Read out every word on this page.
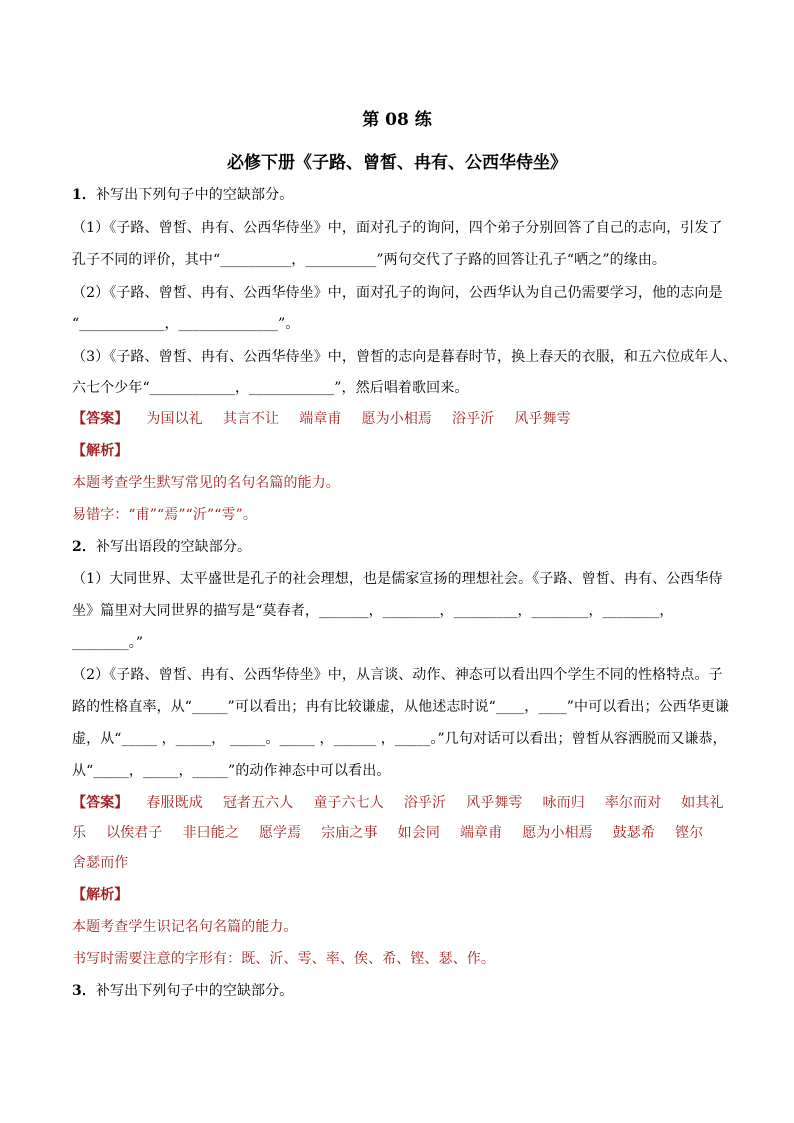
第 08 练
必修下册《子路、曾皙、冉有、公西华侍坐》
1．补写出下列句子中的空缺部分。
（1）《子路、曾皙、冉有、公西华侍坐》中，面对孔子的询问，四个弟子分别回答了自己的志向，引发了
孔子不同的评价，其中“__________，__________”两句交代了子路的回答让孔子“哂之”的缘由。
（2）《子路、曾皙、冉有、公西华侍坐》中，面对孔子的询问，公西华认为自己仍需要学习，他的志向是
“____________，______________”。
（3）《子路、曾皙、冉有、公西华侍坐》中，曾皙的志向是暮春时节，换上春天的衣服，和五六位成年人、
六七个少年“____________，____________”，然后唱着歌回来。
【答案】 为国以礼 其言不让 端章甫 愿为小相焉 浴乎沂 风乎舞雩
【解析】
本题考查学生默写常见的名句名篇的能力。
易错字：“甫”“焉”“沂”“雩”。
2．补写出语段的空缺部分。
（1）大同世界、太平盛世是孔子的社会理想，也是儒家宣扬的理想社会。《子路、曾皙、冉有、公西华侍
坐》篇里对大同世界的描写是“莫春者，_______，________，_________，________，________，
________。”
（2）《子路、曾皙、冉有、公西华侍坐》中，从言谈、动作、神态可以看出四个学生不同的性格特点。子
路的性格直率，从“_____”可以看出；冉有比较谦虚，从他述志时说“____，____”中可以看出；公西华更谦
虚，从“_____ ，_____， _____。_____ ，______ ，_____。”几句对话可以看出；曾皙从容洒脱而又谦恭，
从“_____，_____，_____”的动作神态中可以看出。
【答案】 春服既成 冠者五六人 童子六七人 浴乎沂 风乎舞雩 咏而归 率尔而对 如其礼
乐 以俟君子 非曰能之 愿学焉 宗庙之事 如会同 端章甫 愿为小相焉 鼓瑟希 铿尔
舍瑟而作
【解析】
本题考查学生识记名句名篇的能力。
书写时需要注意的字形有：既、沂、雩、率、俟、希、铿、瑟、作。
3．补写出下列句子中的空缺部分。
